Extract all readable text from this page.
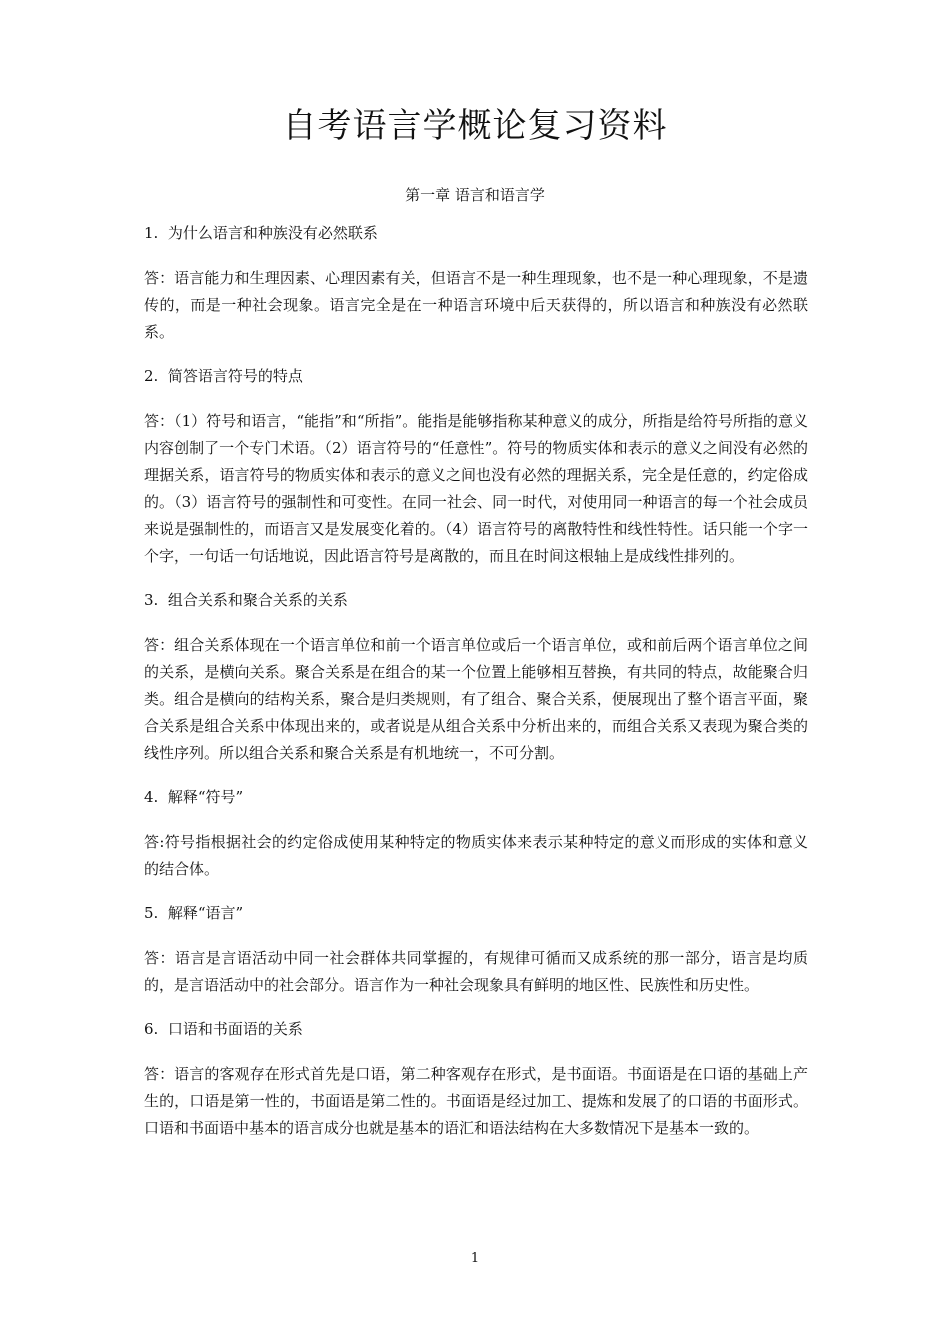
自考语言学概论复习资料
第一章 语言和语言学
1.  为什么语言和种族没有必然联系
答：语言能力和生理因素、心理因素有关，但语言不是一种生理现象，也不是一种心理现象，不是遗传的，而是一种社会现象。语言完全是在一种语言环境中后天获得的，所以语言和种族没有必然联系。
2.  简答语言符号的特点
答：（1）符号和语言，“能指”和“所指”。能指是能够指称某种意义的成分，所指是给符号所指的意义内容创制了一个专门术语。（2）语言符号的“任意性”。符号的物质实体和表示的意义之间没有必然的理据关系，语言符号的物质实体和表示的意义之间也没有必然的理据关系，完全是任意的，约定俗成的。（3）语言符号的强制性和可变性。在同一社会、同一时代，对使用同一种语言的每一个社会成员来说是强制性的，而语言又是发展变化着的。（4）语言符号的离散特性和线性特性。话只能一个字一个字，一句话一句话地说，因此语言符号是离散的，而且在时间这根轴上是成线性排列的。
3.  组合关系和聚合关系的关系
答：组合关系体现在一个语言单位和前一个语言单位或后一个语言单位，或和前后两个语言单位之间的关系，是横向关系。聚合关系是在组合的某一个位置上能够相互替换，有共同的特点，故能聚合归类。组合是横向的结构关系，聚合是归类规则，有了组合、聚合关系，便展现出了整个语言平面，聚合关系是组合关系中体现出来的，或者说是从组合关系中分析出来的，而组合关系又表现为聚合类的线性序列。所以组合关系和聚合关系是有机地统一，不可分割。
4.  解释“符号”
答:符号指根据社会的约定俗成使用某种特定的物质实体来表示某种特定的意义而形成的实体和意义的结合体。
5.  解释“语言”
答：语言是言语活动中同一社会群体共同掌握的，有规律可循而又成系统的那一部分，语言是均质的，是言语活动中的社会部分。语言作为一种社会现象具有鲜明的地区性、民族性和历史性。
6.  口语和书面语的关系
答：语言的客观存在形式首先是口语，第二种客观存在形式，是书面语。书面语是在口语的基础上产生的，口语是第一性的，书面语是第二性的。书面语是经过加工、提炼和发展了的口语的书面形式。口语和书面语中基本的语言成分也就是基本的语汇和语法结构在大多数情况下是基本一致的。
1
